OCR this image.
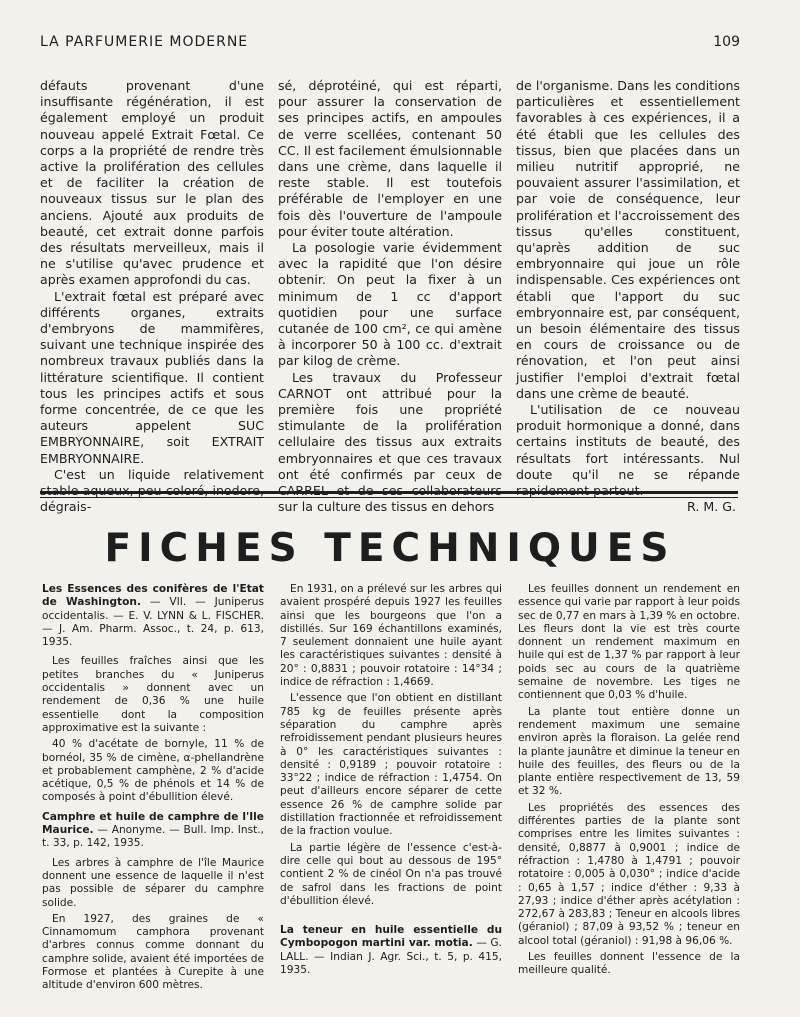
LA PARFUMERIE MODERNE	109

défauts provenant d'une insuffisante régénération, il est également employé un produit nouveau appelé Extrait Fœtal. Ce corps a la propriété de rendre très active la prolifération des cellules et de faciliter la création de nouveaux tissus sur le plan des anciens. Ajouté aux produits de beauté, cet extrait donne parfois des résultats merveilleux, mais il ne s'utilise qu'avec prudence et après examen approfondi du cas.

L'extrait fœtal est préparé avec différents organes, extraits d'embryons de mammifères, suivant une technique inspirée des nombreux travaux publiés dans la littérature scientifique. Il contient tous les principes actifs et sous forme concentrée, de ce que les auteurs appelent SUC EMBRYONNAIRE, soit EXTRAIT EMBRYONNAIRE.

C'est un liquide relativement dégrais-

sé, déprotéiné, qui est réparti, pour assurer la conservation de ses principes actifs, en ampoules de verre scellées, contenant 50 CC. Il est facilement émulsionnable dans une crème, dans laquelle il reste stable. Il est toutefois préférable de l'employer en une fois dès l'ouverture de l'ampoule pour éviter toute altération.

La posologie varie évidemment avec la rapidité que l'on désire obtenir. On peut la fixer à un minimum de 1 cc d'apport quotidien pour une surface cutanée de 100 cm², ce qui amène à incorporer 50 à 100 cc. d'extrait par kilog de crème.

Les travaux du Professeur CARNOT ont attribué pour la première fois une propriété stimulante de la prolifération cellulaire des tissus aux extraits embryonnaires et que ces travaux ont été confirmés par ceux de sur la culture des tissus en dehors

de l'organisme. Dans les conditions particulières et essentiellement favorables à ces expériences, il a été établi que les cellules des tissus, bien que placées dans un milieu nutritif approprié, ne pouvaient assurer l'assimilation, et par voie de conséquence, leur prolifération et l'accroissement des tissus qu'elles constituent, qu'après addition de suc embryonnaire qui joue un rôle indispensable. Ces expériences ont établi que l'apport du suc embryonnaire est, par conséquent, un besoin élémentaire des tissus en cours de croissance ou de rénovation, et l'on peut ainsi justifier l'emploi d'extrait fœtal dans une crème de beauté.

L'utilisation de ce nouveau produit hormonique a donné, dans certains instituts de beauté, des résultats fort intéressants. Nul doute qu'il ne se répande

R. M. G.

FICHES TECHNIQUES

Les Essences des conifères de l'Etat de Washington. — VII. — Juniperus occidentalis. — E. V. LYNN & L. FISCHER. — J. Am. Pharm. Assoc., t. 24, p. 613, 1935.

Les feuilles fraîches ainsi que les petites branches du « Juniperus occidentalis » donnent avec un rendement de 0,36 % une huile essentielle dont la composition approximative est la suivante :

40 % d'acétate de bornyle, 11 % de bornéol, 35 % de cimène, α-phellandrène et probablement camphène, 2 % d'acide acétique, 0,5 % de phénols et 14 % de composés à point d'ébullition élevé.

Camphre et huile de camphre de l'Ile Maurice. — Anonyme. — Bull. Imp. Inst., t. 33, p. 142, 1935.

Les arbres à camphre de l'île Maurice donnent une essence de laquelle il n'est pas possible de séparer du camphre solide.

En 1927, des graines de « Cinnamomum camphora provenant d'arbres connus comme donnant du camphre solide, avaient été importées de Formose et plantées à Curepite à une altitude d'environ 600 mètres.

En 1931, on a prélevé sur les arbres qui avaient prospéré depuis 1927 les feuilles ainsi que les bourgeons que l'on a distillés. Sur 169 échantillons examinés, 7 seulement donnaient une huile ayant les caractéristiques suivantes : densité à 20° : 0,8831 ; pouvoir rotatoire : 14°34 ; indice de réfraction : 1,4669.

L'essence que l'on obtient en distillant 785 kg de feuilles présente après séparation du camphre après refroidissement pendant plusieurs heures à 0° les caractéristiques suivantes : densité : 0,9189 ; pouvoir rotatoire : 33°22 ; indice de réfraction : 1,4754. On peut d'ailleurs encore séparer de cette essence 26 % de camphre solide par distillation fractionnée et refroidissement de la fraction voulue.

La partie légère de l'essence c'est-à-dire celle qui bout au dessous de 195° contient 2 % de cinéol On n'a pas trouvé de safrol dans les fractions de point d'ébullition élevé.

La teneur en huile essentielle du Cymbopogon martini var. motia. — G. LALL. — Indian J. Agr. Sci., t. 5, p. 415, 1935.

Les feuilles donnent un rendement en essence qui varie par rapport à leur poids sec de 0,77 en mars à 1,39 % en octobre. Les fleurs dont la vie est très courte donnent un rendement maximum en huile qui est de 1,37 % par rapport à leur poids sec au cours de la quatrième semaine de novembre. Les tiges ne contiennent que 0,03 % d'huile.

La plante tout entière donne un rendement maximum une semaine environ après la floraison. La gelée rend la plante jaunâtre et diminue la teneur en huile des feuilles, des fleurs ou de la plante entière respectivement de 13, 59 et 32 %.

Les propriétés des essences des différentes parties de la plante sont comprises entre les limites suivantes : densité, 0,8877 à 0,9001 ; indice de réfraction : 1,4780 à 1,4791 ; pouvoir rotatoire : 0,005 à 0,030° ; indice d'acide : 0,65 à 1,57 ; indice d'éther : 9,33 à 27,93 ; indice d'éther après acétylation : 272,67 à 283,83 ; Teneur en alcools libres (géraniol) ; 87,09 à 93,52 % ; teneur en alcool total (géraniol) : 91,98 à 96,06 %.

Les feuilles donnent l'essence de la meilleure qualité.
